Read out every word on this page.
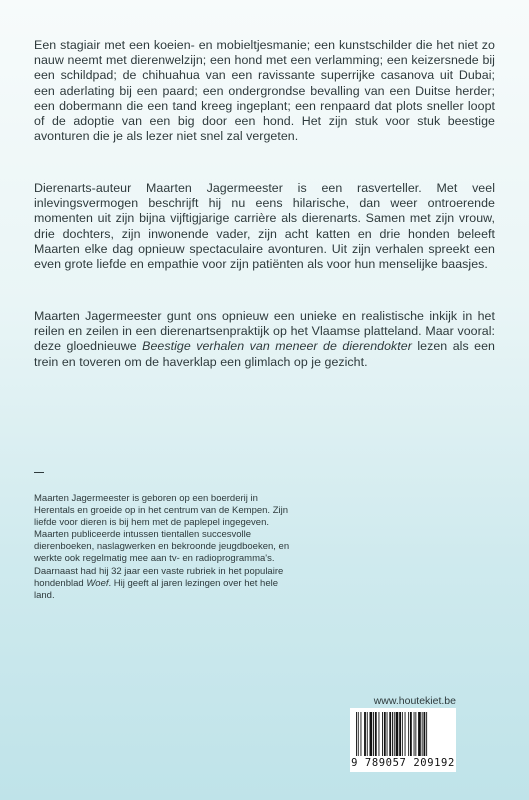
Een stagiair met een koeien- en mobieltjesmanie; een kunstschilder die het niet zo nauw neemt met dierenwelzijn; een hond met een verlamming; een keizersnede bij een schildpad; de chihuahua van een ravissante superrijke casanova uit Dubai; een aderlating bij een paard; een ondergrondse bevalling van een Duitse herder; een dobermann die een tand kreeg ingeplant; een renpaard dat plots sneller loopt of de adoptie van een big door een hond. Het zijn stuk voor stuk beestige avonturen die je als lezer niet snel zal vergeten.

Dierenarts-auteur Maarten Jagermeester is een rasverteller. Met veel inlevingsvermogen beschrijft hij nu eens hilarische, dan weer ontroerende momenten uit zijn bijna vijftigjarige carrière als dierenarts. Samen met zijn vrouw, drie dochters, zijn inwonende vader, zijn acht katten en drie honden beleeft Maarten elke dag opnieuw spectaculaire avonturen. Uit zijn verhalen spreekt een even grote liefde en empathie voor zijn patiënten als voor hun menselijke baasjes.

Maarten Jagermeester gunt ons opnieuw een unieke en realistische inkijk in het reilen en zeilen in een dierenartsenpraktijk op het Vlaamse platteland. Maar vooral: deze gloednieuwe Beestige verhalen van meneer de dierendokter lezen als een trein en toveren om de haverklap een glimlach op je gezicht.

Maarten Jagermeester is geboren op een boerderij in Herentals en groeide op in het centrum van de Kempen. Zijn liefde voor dieren is bij hem met de paplepel ingegeven. Maarten publiceerde intussen tientallen succesvolle dierenboeken, naslagwerken en bekroonde jeugdboeken, en werkte ook regelmatig mee aan tv- en radioprogramma's. Daarnaast had hij 32 jaar een vaste rubriek in het populaire hondenblad Woef. Hij geeft al jaren lezingen over het hele land.

www.houtekiet.be
9 789057 209192
